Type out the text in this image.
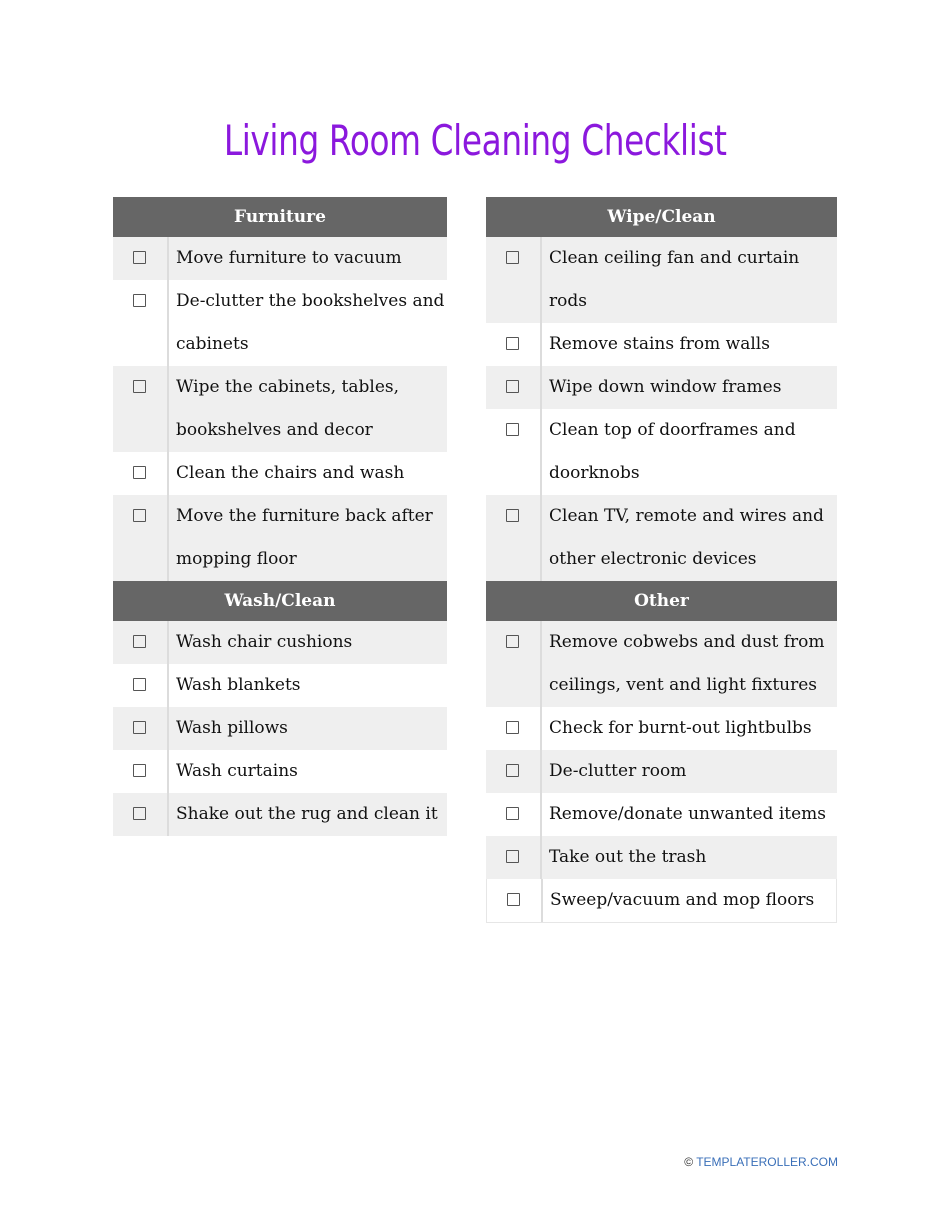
Living Room Cleaning Checklist
Furniture
Move furniture to vacuum
De-clutter the bookshelves and cabinets
Wipe the cabinets, tables, bookshelves and decor
Clean the chairs and wash
Move the furniture back after mopping floor
Wash/Clean
Wash chair cushions
Wash blankets
Wash pillows
Wash curtains
Shake out the rug and clean it
Wipe/Clean
Clean ceiling fan and curtain rods
Remove stains from walls
Wipe down window frames
Clean top of doorframes and doorknobs
Clean TV, remote and wires and other electronic devices
Other
Remove cobwebs and dust from ceilings, vent and light fixtures
Check for burnt-out lightbulbs
De-clutter room
Remove/donate unwanted items
Take out the trash
Sweep/vacuum and mop floors
© TEMPLATEROLLER.COM
